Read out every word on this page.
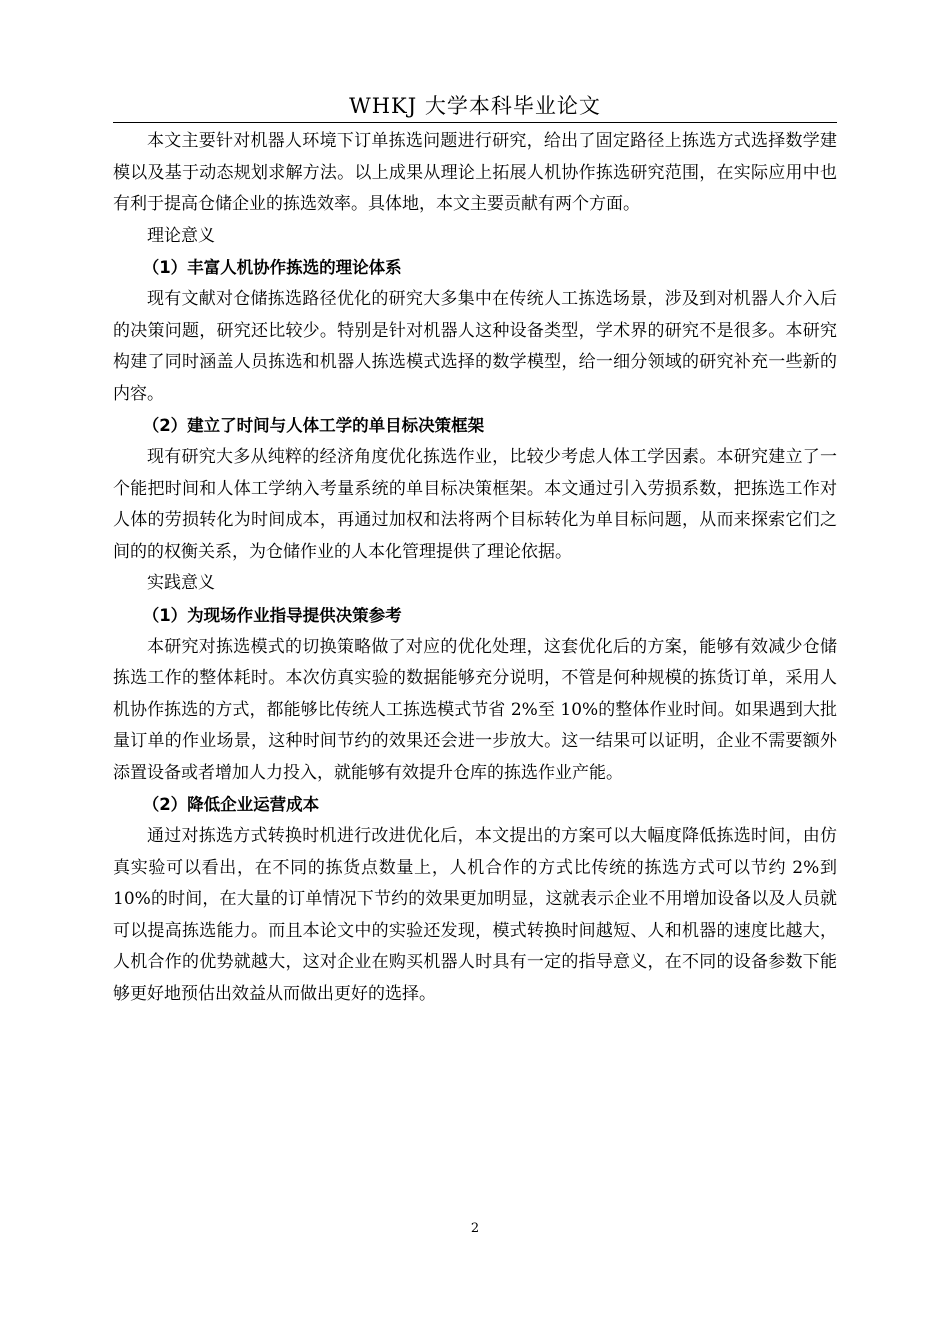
WHKJ 大学本科毕业论文

本文主要针对机器人环境下订单拣选问题进行研究，给出了固定路径上拣选方式选择数学建模以及基于动态规划求解方法。以上成果从理论上拓展人机协作拣选研究范围，在实际应用中也有利于提高仓储企业的拣选效率。具体地，本文主要贡献有两个方面。

理论意义

（1）丰富人机协作拣选的理论体系

现有文献对仓储拣选路径优化的研究大多集中在传统人工拣选场景，涉及到对机器人介入后的决策问题，研究还比较少。特别是针对机器人这种设备类型，学术界的研究不是很多。本研究构建了同时涵盖人员拣选和机器人拣选模式选择的数学模型，给一细分领域的研究补充一些新的内容。

（2）建立了时间与人体工学的单目标决策框架

现有研究大多从纯粹的经济角度优化拣选作业，比较少考虑人体工学因素。本研究建立了一个能把时间和人体工学纳入考量系统的单目标决策框架。本文通过引入劳损系数，把拣选工作对人体的劳损转化为时间成本，再通过加权和法将两个目标转化为单目标问题，从而来探索它们之间的的权衡关系，为仓储作业的人本化管理提供了理论依据。

实践意义

（1）为现场作业指导提供决策参考

本研究对拣选模式的切换策略做了对应的优化处理，这套优化后的方案，能够有效减少仓储拣选工作的整体耗时。本次仿真实验的数据能够充分说明，不管是何种规模的拣货订单，采用人机协作拣选的方式，都能够比传统人工拣选模式节省 2%至 10%的整体作业时间。如果遇到大批量订单的作业场景，这种时间节约的效果还会进一步放大。这一结果可以证明，企业不需要额外添置设备或者增加人力投入，就能够有效提升仓库的拣选作业产能。

（2）降低企业运营成本

通过对拣选方式转换时机进行改进优化后，本文提出的方案可以大幅度降低拣选时间，由仿真实验可以看出，在不同的拣货点数量上，人机合作的方式比传统的拣选方式可以节约 2%到 10%的时间，在大量的订单情况下节约的效果更加明显，这就表示企业不用增加设备以及人员就可以提高拣选能力。而且本论文中的实验还发现，模式转换时间越短、人和机器的速度比越大，人机合作的优势就越大，这对企业在购买机器人时具有一定的指导意义，在不同的设备参数下能够更好地预估出效益从而做出更好的选择。

2
